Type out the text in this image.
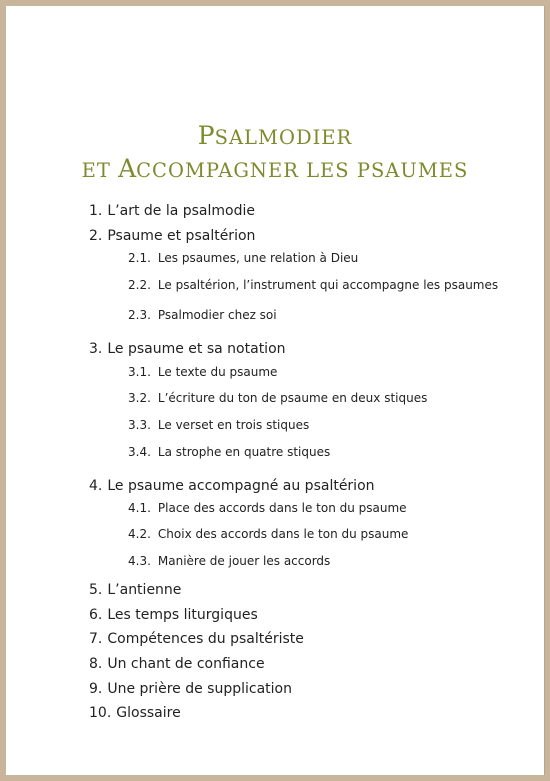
PSALMODIER
ET ACCOMPAGNER LES PSAUMES
1. L’art de la psalmodie
2. Psaume et psaltérion
2.1. Les psaumes, une relation à Dieu
2.2. Le psaltérion, l’instrument qui accompagne les psaumes
2.3. Psalmodier chez soi
3. Le psaume et sa notation
3.1. Le texte du psaume
3.2. L’écriture du ton de psaume en deux stiques
3.3. Le verset en trois stiques
3.4. La strophe en quatre stiques
4. Le psaume accompagné au psaltérion
4.1. Place des accords dans le ton du psaume
4.2. Choix des accords dans le ton du psaume
4.3. Manière de jouer les accords
5. L’antienne
6. Les temps liturgiques
7. Compétences du psaltériste
8. Un chant de confiance
9. Une prière de supplication
10. Glossaire
